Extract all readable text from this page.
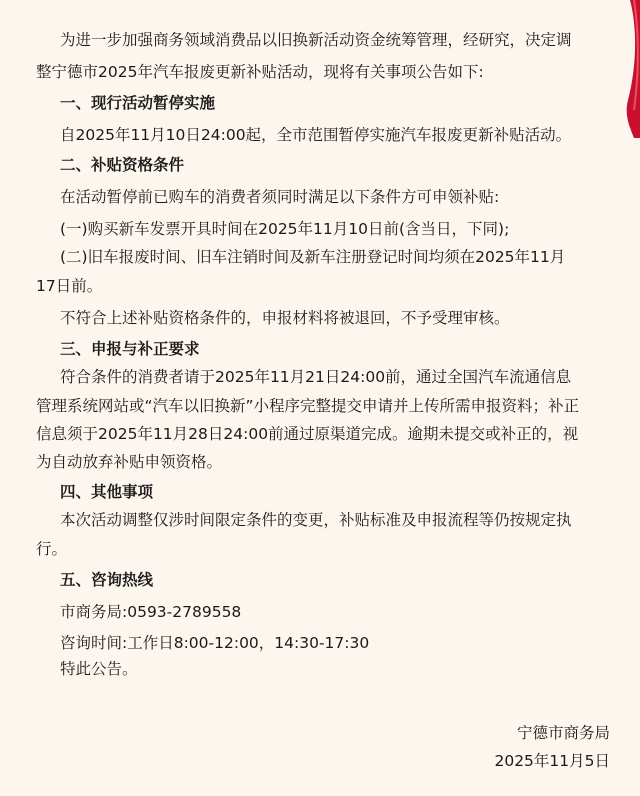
为进一步加强商务领域消费品以旧换新活动资金统筹管理，经研究，决定调
整宁德市2025年汽车报废更新补贴活动，现将有关事项公告如下:
一、现行活动暂停实施
自2025年11月10日24:00起，全市范围暂停实施汽车报废更新补贴活动。
二、补贴资格条件
在活动暂停前已购车的消费者须同时满足以下条件方可申领补贴:
(一)购买新车发票开具时间在2025年11月10日前(含当日，下同);
(二)旧车报废时间、旧车注销时间及新车注册登记时间均须在2025年11月
17日前。
不符合上述补贴资格条件的，申报材料将被退回，不予受理审核。
三、申报与补正要求
符合条件的消费者请于2025年11月21日24:00前，通过全国汽车流通信息
管理系统网站或“汽车以旧换新”小程序完整提交申请并上传所需申报资料；补正
信息须于2025年11月28日24:00前通过原渠道完成。逾期未提交或补正的，视
为自动放弃补贴申领资格。
四、其他事项
本次活动调整仅涉时间限定条件的变更，补贴标准及申报流程等仍按规定执
行。
五、咨询热线
市商务局:0593-2789558
咨询时间:工作日8:00-12:00，14:30-17:30
特此公告。
宁德市商务局
2025年11月5日
